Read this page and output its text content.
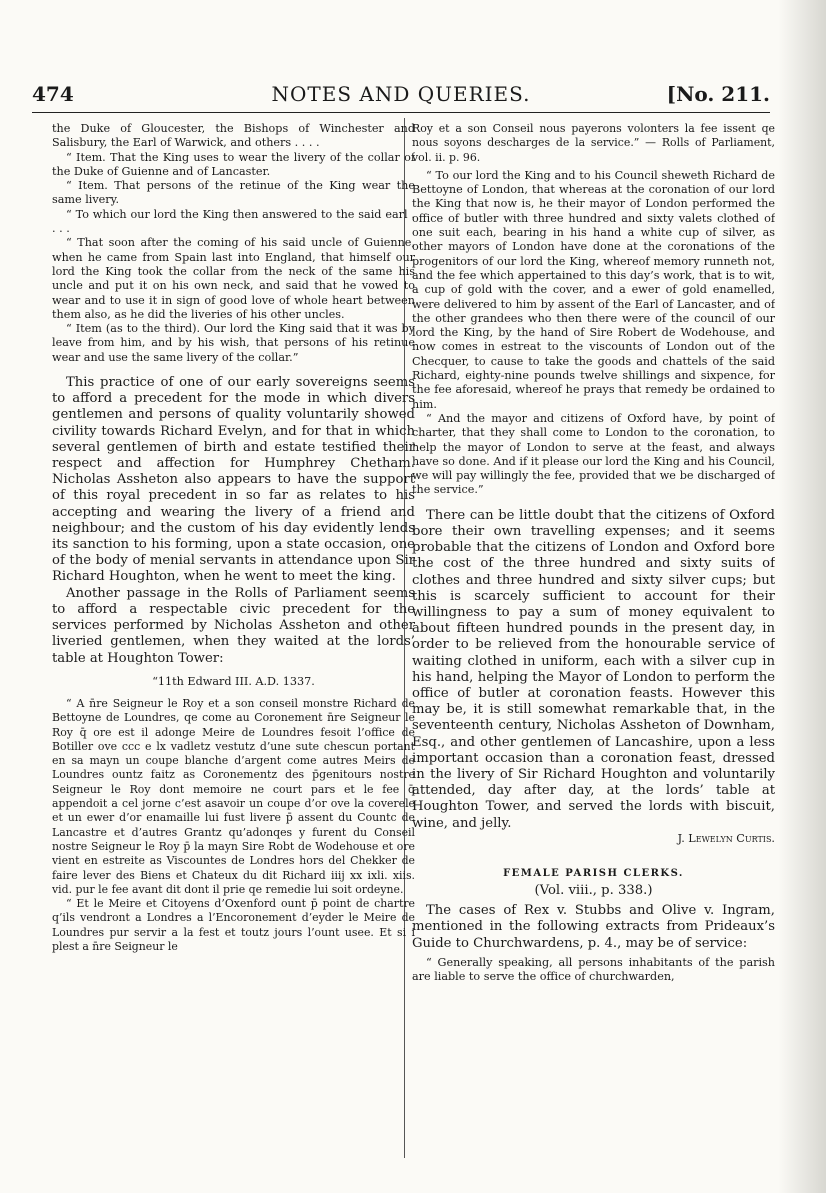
474	NOTES AND QUERIES.	[No. 211.

the Duke of Gloucester, the Bishops of Winchester and Salisbury, the Earl of Warwick, and others . . . .

“ Item. That the King uses to wear the livery of the collar of the Duke of Guienne and of Lancaster.

“ Item. That persons of the retinue of the King wear the same livery.

“ To which our lord the King then answered to the said earl . . . .

“ That soon after the coming of his said uncle of Guienne, when he came from Spain last into England, that himself our lord the King took the collar from the neck of the same his uncle and put it on his own neck, and said that he vowed to wear and to use it in sign of good love of whole heart between them also, as he did the liveries of his other uncles.

“ Item (as to the third). Our lord the King said that it was by leave from him, and by his wish, that persons of his retinue wear and use the same livery of the collar.”

This practice of one of our early sovereigns seems to afford a precedent for the mode in which divers gentlemen and persons of quality voluntarily showed civility towards Richard Evelyn, and for that in which several gentlemen of birth and estate testified their respect and affection for Humphrey Chetham. Nicholas Assheton also appears to have the support of this royal precedent in so far as relates to his accepting and wearing the livery of a friend and neighbour; and the custom of his day evidently lends its sanction to his forming, upon a state occasion, one of the body of menial servants in attendance upon Sir Richard Houghton, when he went to meet the king.

Another passage in the Rolls of Parliament seems to afford a respectable civic precedent for the services performed by Nicholas Assheton and other liveried gentlemen, when they waited at the lords’ table at Houghton Tower:

“11th Edward III. A.D. 1337.

“ A n̄re Seigneur le Roy et a son conseil monstre Richard de Bettoyne de Loundres, qe come au Coronement n̄re Seigneur le Roy q̄ ore est il adonge Meire de Loundres fesoit l’office de Botiller ove ccc e lx vadletz vestutz d’une sute chescun portant en sa mayn un coupe blanche d’argent come autres Meirs de Loundres ountz faitz as Coronementz des p̄genitours nostre Seigneur le Roy dont memoire ne court pars et le fee q̄ appendoit a cel jorne c’est asavoir un coupe d’or ove la coverele et un ewer d’or enamaille lui fust livere p̄ assent du Countc de Lancastre et d’autres Grantz qu’adonqes y furent du Conseil nostre Seigneur le Roy p̄ la mayn Sire Robt de Wodehouse et ore vient en estreite as Viscountes de Londres hors del Chekker de faire lever des Biens et Chateux du dit Richard iiij xx ixli. xiis. vid. pur le fee avant dit dont il prie qe remedie lui soit ordeyne.

“ Et le Meire et Citoyens d’Oxenford ount p̄ point de chartre q’ils vendront a Londres a l’Encoronement d’eyder le Meire de Loundres pur servir a la fest et toutz jours l’ount usee. Et si i plest a n̄re Seigneur le

Roy et a son Conseil nous payerons volonters la fee issent qe nous soyons descharges de la service.” — Rolls of Parliament, vol. ii. p. 96.

“ To our lord the King and to his Council sheweth Richard de Bettoyne of London, that whereas at the coronation of our lord the King that now is, he their mayor of London performed the office of butler with three hundred and sixty valets clothed of one suit each, bearing in his hand a white cup of silver, as other mayors of London have done at the coronations of the progenitors of our lord the King, whereof memory runneth not, and the fee which appertained to this day’s work, that is to wit, a cup of gold with the cover, and a ewer of gold enamelled, were delivered to him by assent of the Earl of Lancaster, and of the other grandees who then there were of the council of our lord the King, by the hand of Sire Robert de Wodehouse, and now comes in estreat to the viscounts of London out of the Checquer, to cause to take the goods and chattels of the said Richard, eighty-nine pounds twelve shillings and sixpence, for the fee aforesaid, whereof he prays that remedy be ordained to him.

“ And the mayor and citizens of Oxford have, by point of charter, that they shall come to London to the coronation, to help the mayor of London to serve at the feast, and always have so done. And if it please our lord the King and his Council, we will pay willingly the fee, provided that we be discharged of the service.”

There can be little doubt that the citizens of Oxford bore their own travelling expenses; and it seems probable that the citizens of London and Oxford bore the cost of the three hundred and sixty suits of clothes and three hundred and sixty silver cups; but this is scarcely sufficient to account for their willingness to pay a sum of money equivalent to about fifteen hundred pounds in the present day, in order to be relieved from the honourable service of waiting clothed in uniform, each with a silver cup in his hand, helping the Mayor of London to perform the office of butler at coronation feasts. However this may be, it is still somewhat remarkable that, in the seventeenth century, Nicholas Assheton of Downham, Esq., and other gentlemen of Lancashire, upon a less important occasion than a coronation feast, dressed in the livery of Sir Richard Houghton and voluntarily attended, day after day, at the lords’ table at Houghton Tower, and served the lords with biscuit, wine, and jelly.

J. Lewelyn Curtis.

FEMALE PARISH CLERKS.

(Vol. viii., p. 338.)

The cases of Rex v. Stubbs and Olive v. Ingram, mentioned in the following extracts from Prideaux’s Guide to Churchwardens, p. 4., may be of service:

“ Generally speaking, all persons inhabitants of the parish are liable to serve the office of churchwarden,
